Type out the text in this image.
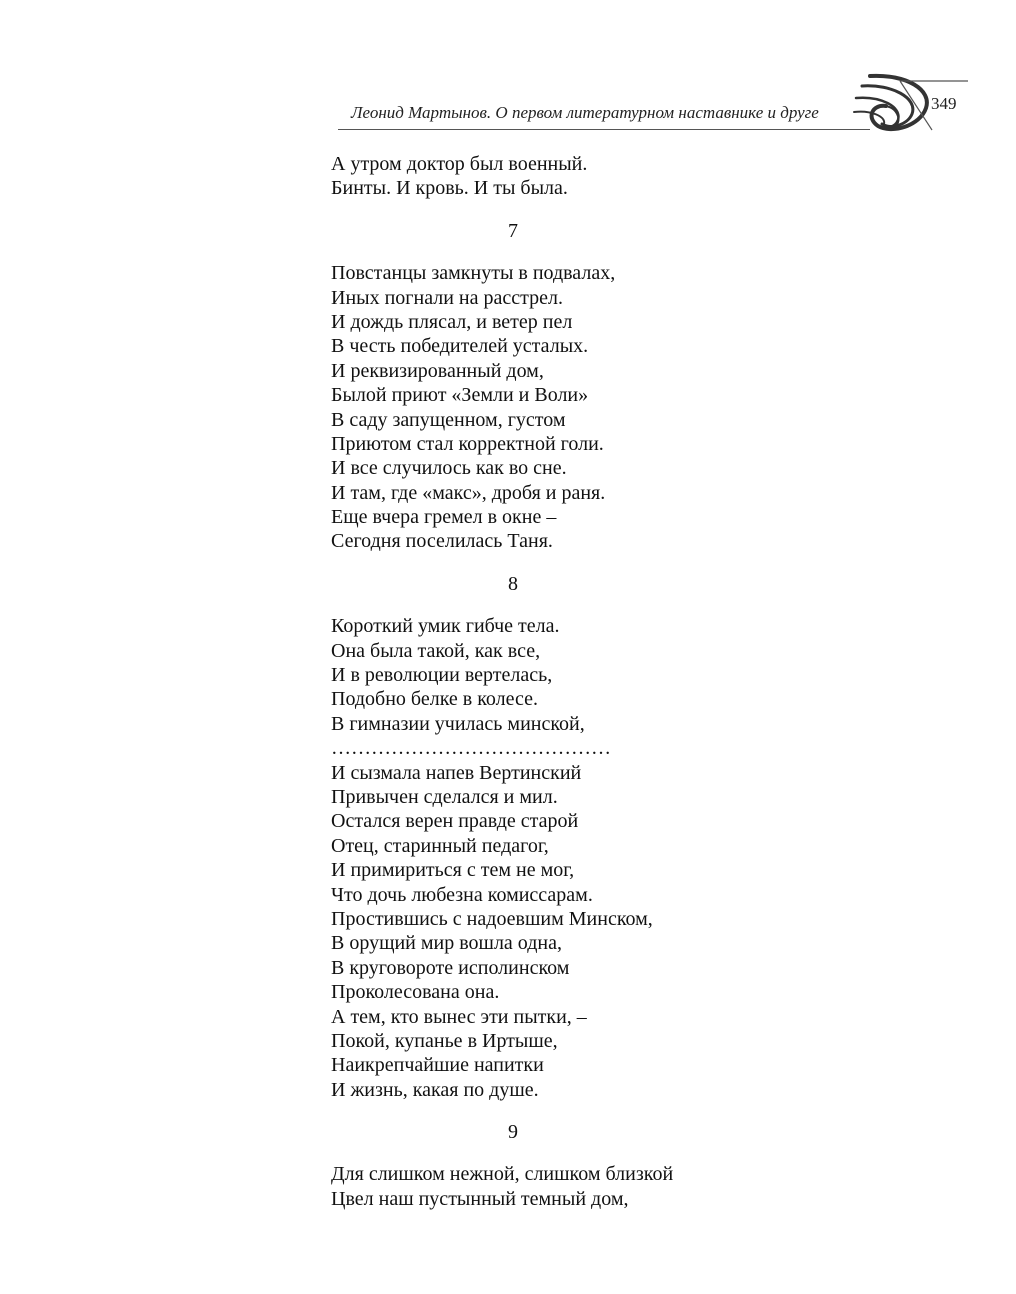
Леонид Мартынов. О первом литературном наставнике и друге	349
А утром доктор был военный.
Бинты. И кровь. И ты была.
7
Повстанцы замкнуты в подвалах,
Иных погнали на расстрел.
И дождь плясал, и ветер пел
В честь победителей усталых.
И реквизированный дом,
Былой приют «Земли и Воли»
В саду запущенном, густом
Приютом стал корректной голи.
И все случилось как во сне.
И там, где «макс», дробя и раня.
Еще вчера гремел в окне –
Сегодня поселилась Таня.
8
Короткий умик гибче тела.
Она была такой, как все,
И в революции вертелась,
Подобно белке в колесе.
В гимназии училась минской,
……………………………………
И сызмала напев Вертинский
Привычен сделался и мил.
Остался верен правде старой
Отец, старинный педагог,
И примириться с тем не мог,
Что дочь любезна комиссарам.
Простившись с надоевшим Минском,
В орущий мир вошла одна,
В круговороте исполинском
Проколесована она.
А тем, кто вынес эти пытки, –
Покой, купанье в Иртыше,
Наикрепчайшие напитки
И жизнь, какая по душе.
9
Для слишком нежной, слишком близкой
Цвел наш пустынный темный дом,
